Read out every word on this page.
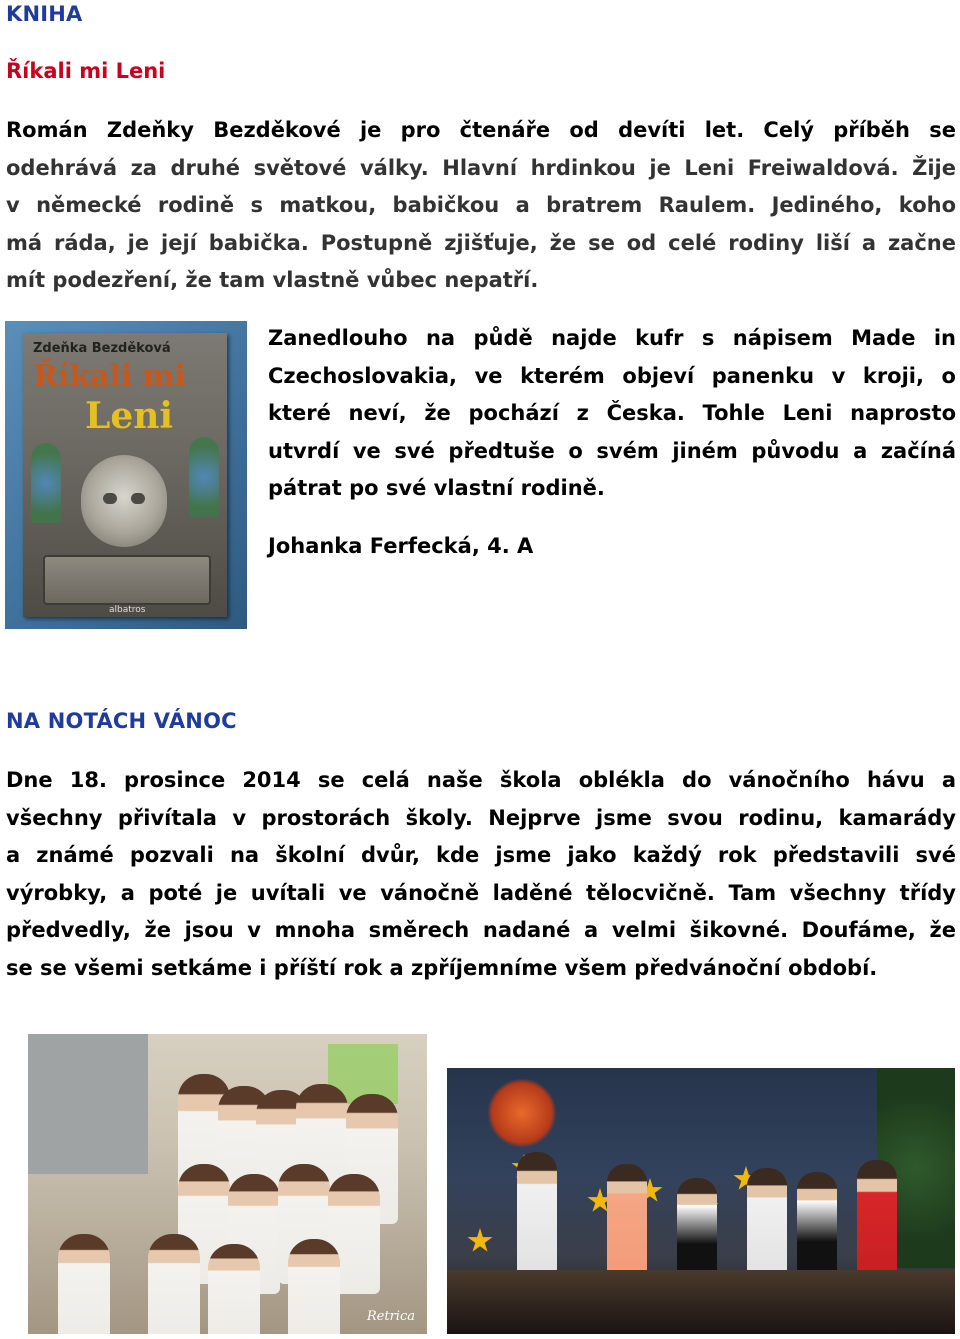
KNIHA
Říkali mi Leni
Román Zdeňky Bezděkové je pro čtenáře od devíti let. Celý příběh se
odehrává za druhé světové války. Hlavní hrdinkou je Leni Freiwaldová. Žije
v německé rodině s matkou, babičkou a bratrem Raulem. Jediného, koho
má ráda, je její babička. Postupně zjišťuje, že se od celé rodiny liší a začne
mít podezření, že tam vlastně vůbec nepatří.
Zdeňka Bezděková
Říkali mi
Leni
albatros
Zanedlouho na půdě najde kufr s nápisem Made in
Czechoslovakia, ve kterém objeví panenku v kroji, o
které neví, že pochází z Česka. Tohle Leni naprosto
utvrdí ve své předtuše o svém jiném původu a začíná
pátrat po své vlastní rodině.
Johanka Ferfecká, 4. A
NA NOTÁCH VÁNOC
Dne 18. prosince 2014 se celá naše škola oblékla do vánočního hávu a
všechny přivítala v prostorách školy. Nejprve jsme svou rodinu, kamarády
a známé pozvali na školní dvůr, kde jsme jako každý rok představili své
výrobky, a poté je uvítali ve vánočně laděné tělocvičně. Tam všechny třídy
předvedly, že jsou v mnoha směrech nadané a velmi šikovné. Doufáme, že
se se všemi setkáme i příští rok a zpříjemníme všem předvánoční období.
Retrica
